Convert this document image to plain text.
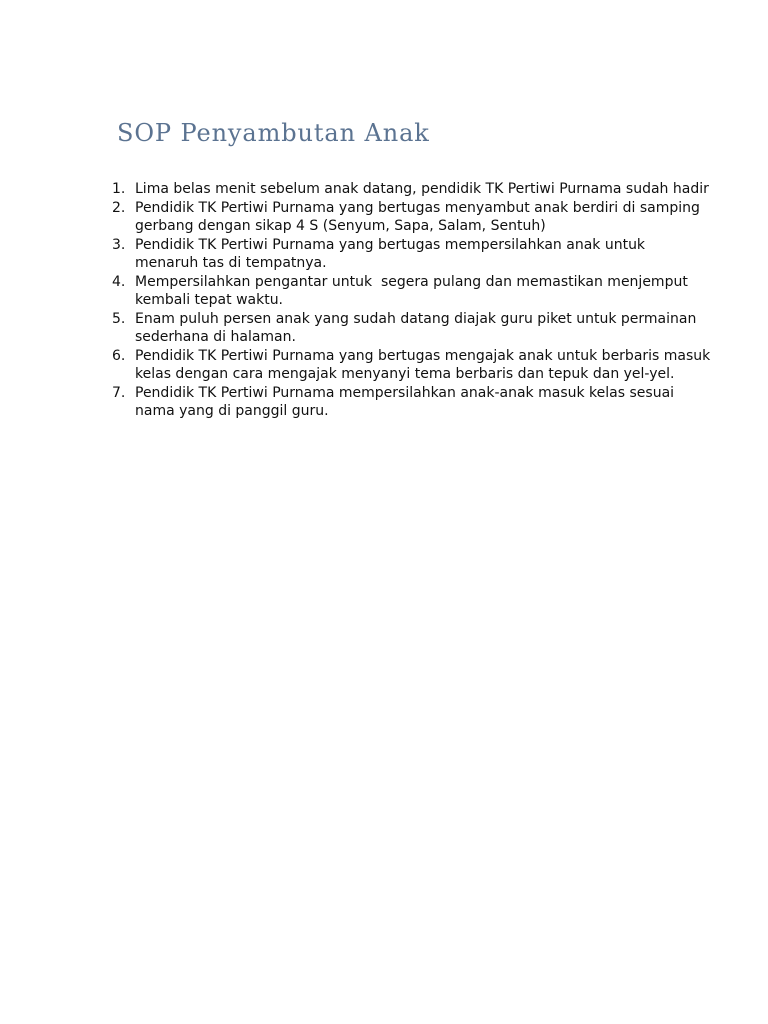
SOP Penyambutan Anak
1. Lima belas menit sebelum anak datang, pendidik TK Pertiwi Purnama sudah hadir
2. Pendidik TK Pertiwi Purnama yang bertugas menyambut anak berdiri di samping gerbang dengan sikap 4 S (Senyum, Sapa, Salam, Sentuh)
3. Pendidik TK Pertiwi Purnama yang bertugas mempersilahkan anak untuk menaruh tas di tempatnya.
4. Mempersilahkan pengantar untuk  segera pulang dan memastikan menjemput kembali tepat waktu.
5. Enam puluh persen anak yang sudah datang diajak guru piket untuk permainan sederhana di halaman.
6. Pendidik TK Pertiwi Purnama yang bertugas mengajak anak untuk berbaris masuk kelas dengan cara mengajak menyanyi tema berbaris dan tepuk dan yel-yel.
7. Pendidik TK Pertiwi Purnama mempersilahkan anak-anak masuk kelas sesuai nama yang di panggil guru.
